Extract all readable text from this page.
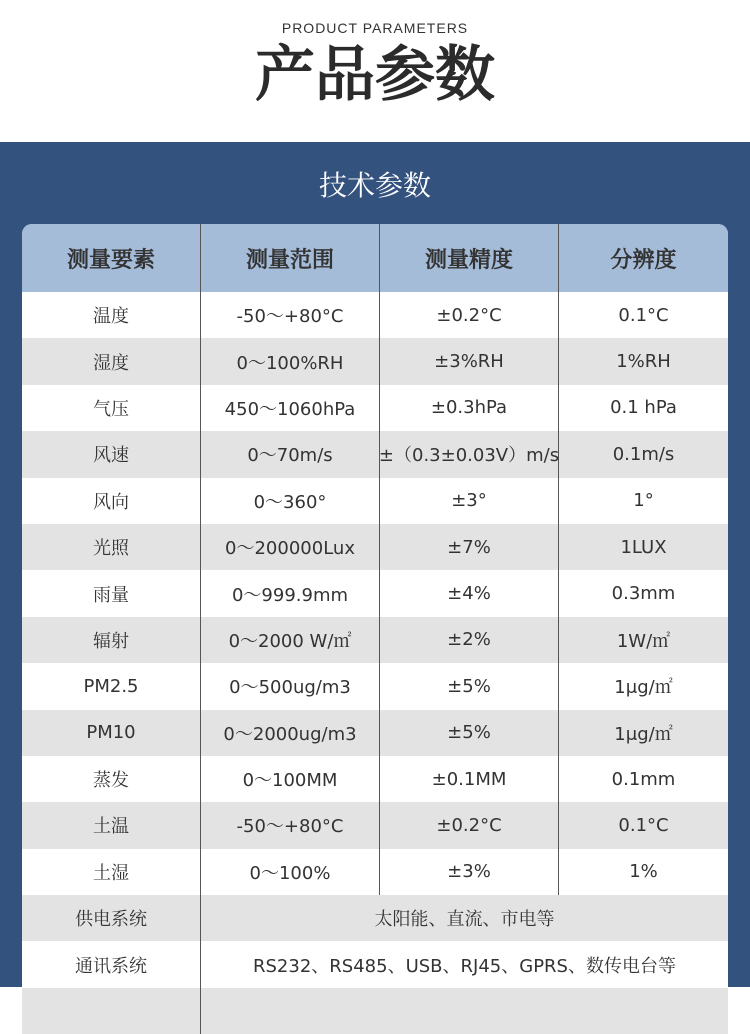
PRODUCT PARAMETERS
产品参数
技术参数
测量要素	测量范围	测量精度	分辨度
温度	-50～+80°C	±0.2°C	0.1°C
湿度	0～100%RH	±3%RH	1%RH
气压	450～1060hPa	±0.3hPa	0.1 hPa
风速	0～70m/s	±（0.3±0.03V）m/s	0.1m/s
风向	0～360°	±3°	1°
光照	0～200000Lux	±7%	1LUX
雨量	0～999.9mm	±4%	0.3mm
辐射	0～2000 W/㎡	±2%	1W/㎡
PM2.5	0～500ug/m3	±5%	1μg/㎡
PM10	0～2000ug/m3	±5%	1μg/㎡
蒸发	0～100MM	±0.1MM	0.1mm
土温	-50～+80°C	±0.2°C	0.1°C
土湿	0～100%	±3%	1%
供电系统	太阳能、直流、市电等
通讯系统	RS232、RS485、USB、RJ45、GPRS、数传电台等
